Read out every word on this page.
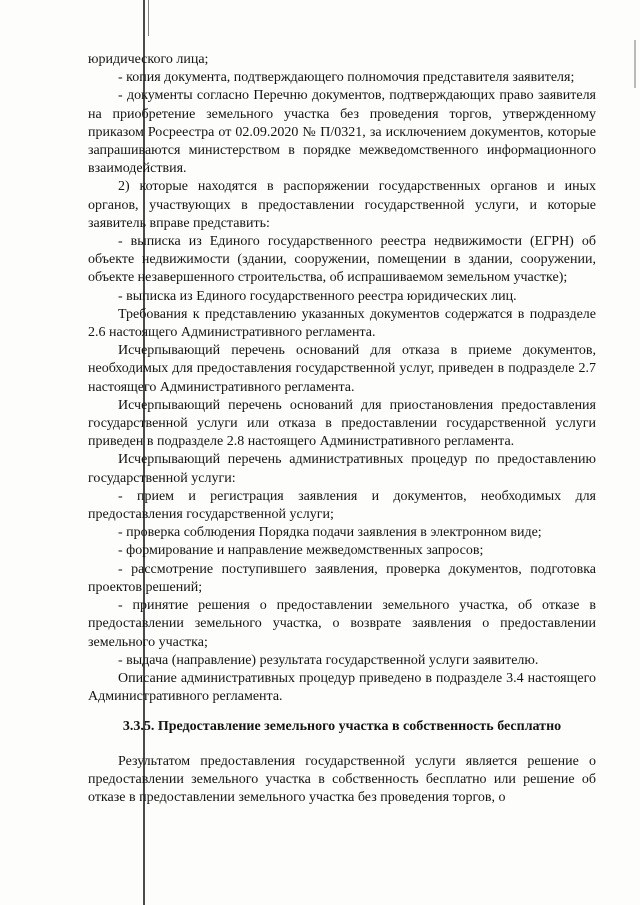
юридического лица;

- копия документа, подтверждающего полномочия представителя заявителя;

- документы согласно Перечню документов, подтверждающих право заявителя на приобретение земельного участка без проведения торгов, утвержденному приказом Росреестра от 02.09.2020 № П/0321, за исключением документов, которые запрашиваются министерством в порядке межведомственного информационного взаимодействия.

2) которые находятся в распоряжении государственных органов и иных органов, участвующих в предоставлении государственной услуги, и которые заявитель вправе представить:

- выписка из Единого государственного реестра недвижимости (ЕГРН) об объекте недвижимости (здании, сооружении, помещении в здании, сооружении, объекте незавершенного строительства, об испрашиваемом земельном участке);

- выписка из Единого государственного реестра юридических лиц.

Требования к представлению указанных документов содержатся в подразделе 2.6 настоящего Административного регламента.

Исчерпывающий перечень оснований для отказа в приеме документов, необходимых для предоставления государственной услуг, приведен в подразделе 2.7 настоящего Административного регламента.

Исчерпывающий перечень оснований для приостановления предоставления государственной услуги или отказа в предоставлении государственной услуги приведен в подразделе 2.8 настоящего Административного регламента.

Исчерпывающий перечень административных процедур по предоставлению государственной услуги:

- прием и регистрация заявления и документов, необходимых для предоставления государственной услуги;

- проверка соблюдения Порядка подачи заявления в электронном виде;

- формирование и направление межведомственных запросов;

- рассмотрение поступившего заявления, проверка документов, подготовка проектов решений;

- принятие решения о предоставлении земельного участка, об отказе в предоставлении земельного участка, о возврате заявления о предоставлении земельного участка;

- выдача (направление) результата государственной услуги заявителю.

Описание административных процедур приведено в подразделе 3.4 настоящего Административного регламента.

3.3.5. Предоставление земельного участка в собственность бесплатно

Результатом предоставления государственной услуги является решение о предоставлении земельного участка в собственность бесплатно или решение об отказе в предоставлении земельного участка без проведения торгов, о
